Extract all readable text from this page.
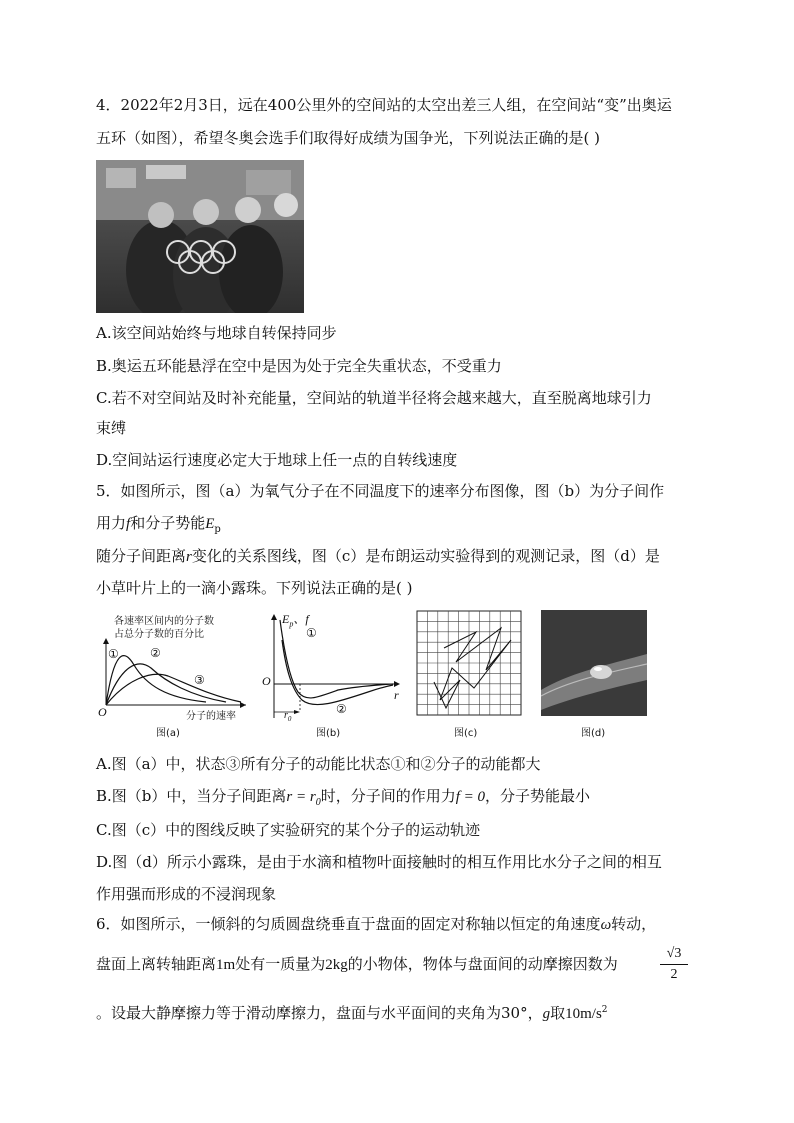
4．2022年2月3日，远在400公里外的空间站的太空出差三人组，在空间站“变”出奥运
五环（如图），希望冬奥会选手们取得好成绩为国争光，下列说法正确的是( )
A.该空间站始终与地球自转保持同步
B.奥运五环能悬浮在空中是因为处于完全失重状态，不受重力
C.若不对空间站及时补充能量，空间站的轨道半径将会越来越大，直至脱离地球引力
束缚
D.空间站运行速度必定大于地球上任一点的自转线速度
5．如图所示，图（a）为氧气分子在不同温度下的速率分布图像，图（b）为分子间作
用力f和分子势能$E_p$
随分子间距离r变化的关系图线，图（c）是布朗运动实验得到的观测记录，图（d）是
小草叶片上的一滴小露珠。下列说法正确的是( )
各速率区间内的分子数
占总分子数的百分比
①	②
③
O	分子的速率
图(a)
$E_p$、f
①
②
O
r
$r_0$
图(b)	图(c)	图(d)
A.图（a）中，状态③所有分子的动能比状态①和②分子的动能都大
B.图（b）中，当分子间距离$r = r_0$时，分子间的作用力f = 0，分子势能最小
C.图（c）中的图线反映了实验研究的某个分子的运动轨迹
D.图（d）所示小露珠，是由于水滴和植物叶面接触时的相互作用比水分子之间的相互
作用强而形成的不浸润现象
6．如图所示，一倾斜的匀质圆盘绕垂直于盘面的固定对称轴以恒定的角速度ω转动，
盘面上离转轴距离1m处有一质量为2kg的小物体，物体与盘面间的动摩擦因数为	$\frac{√3}{2}$
。设最大静摩擦力等于滑动摩擦力，盘面与水平面间的夹角为30°，g取$10m/s^2$
